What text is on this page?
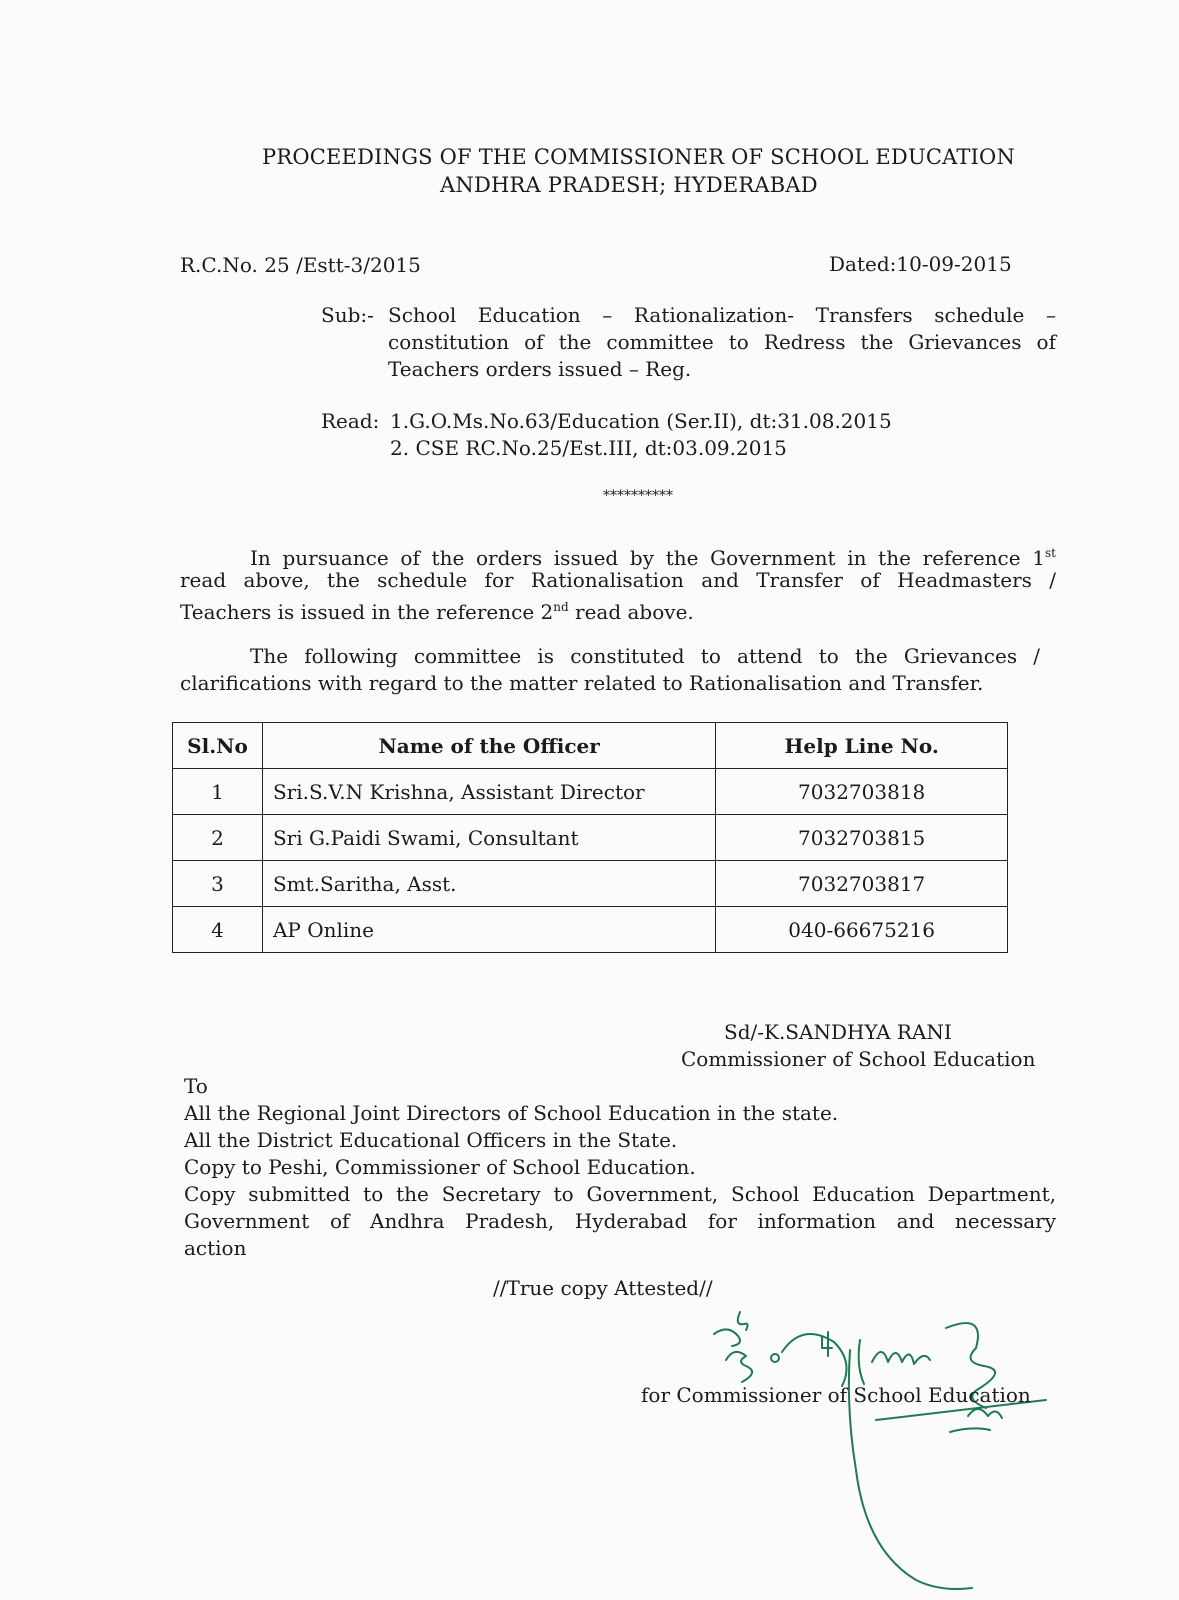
PROCEEDINGS OF THE COMMISSIONER OF SCHOOL EDUCATION
ANDHRA PRADESH; HYDERABAD
R.C.No. 25 /Estt-3/2015	Dated:10-09-2015
Sub:- School Education – Rationalization- Transfers schedule –
constitution of the committee to Redress the Grievances of
Teachers orders issued – Reg.
Read: 1.G.O.Ms.No.63/Education (Ser.II), dt:31.08.2015
2. CSE RC.No.25/Est.III, dt:03.09.2015
**********
In pursuance of the orders issued by the Government in the reference 1st
read above, the schedule for Rationalisation and Transfer of Headmasters /
Teachers is issued in the reference 2nd read above.
The following committee is constituted to attend to the Grievances /
clarifications with regard to the matter related to Rationalisation and Transfer.
Sl.No	Name of the Officer	Help Line No.
1	Sri.S.V.N Krishna, Assistant Director	7032703818
2	Sri G.Paidi Swami, Consultant	7032703815
3	Smt.Saritha, Asst.	7032703817
4	AP Online	040-66675216
Sd/-K.SANDHYA RANI
Commissioner of School Education
To
All the Regional Joint Directors of School Education in the state.
All the District Educational Officers in the State.
Copy to Peshi, Commissioner of School Education.
Copy submitted to the Secretary to Government, School Education Department,
Government of Andhra Pradesh, Hyderabad for information and necessary
action
//True copy Attested//
for Commissioner of School Education
